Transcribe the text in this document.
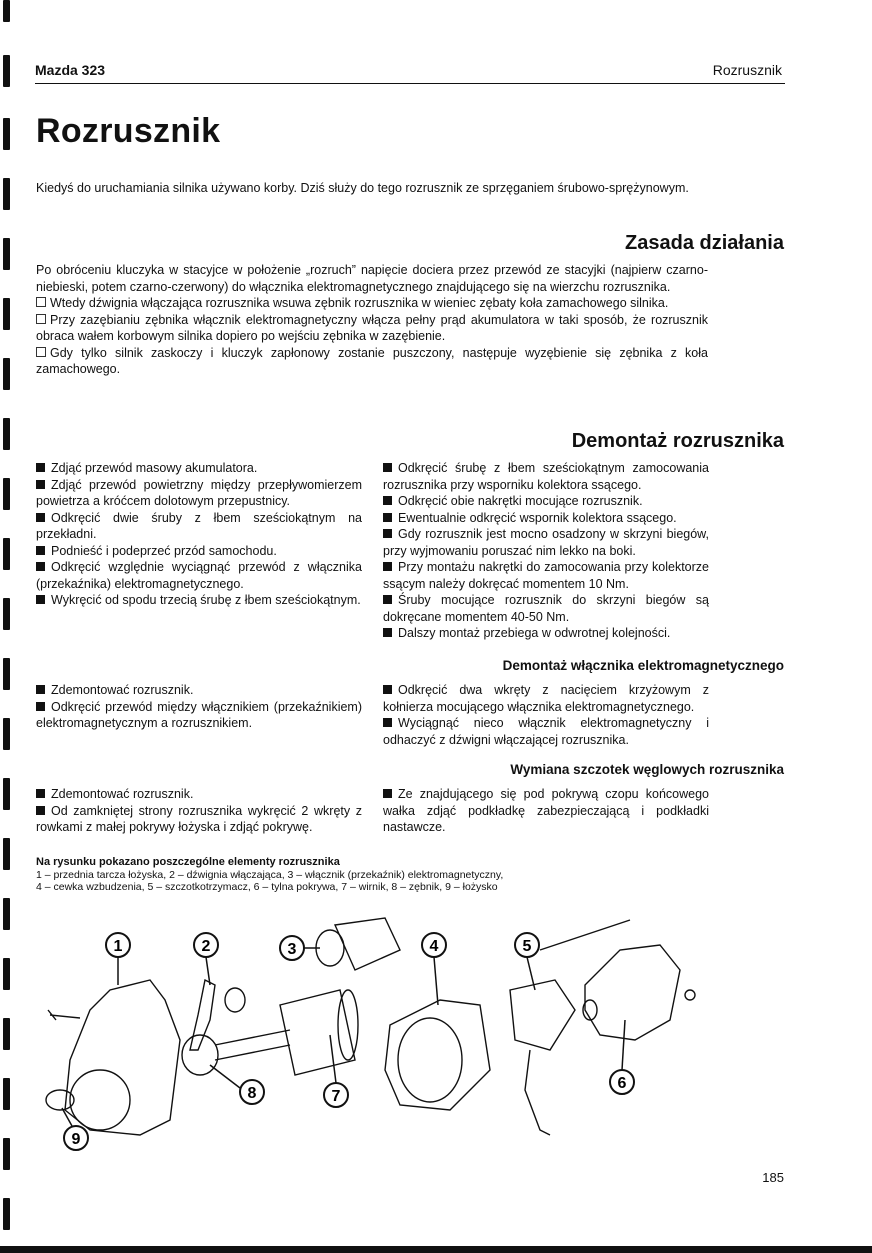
Mazda 323	Rozrusznik
Rozrusznik

Kiedyś do uruchamiania silnika używano korby. Dziś służy do tego rozrusznik ze sprzęganiem śrubowo-sprężynowym.

Zasada działania

Po obróceniu kluczyka w stacyjce w położenie „rozruch” napięcie dociera przez przewód ze stacyjki (najpierw czarno-niebieski, potem czarno-czerwony) do włącznika elektromagnetycznego znajdującego się na wierzchu rozrusznika.

Wtedy dźwignia włączająca rozrusznika wsuwa zębnik rozrusznika w wieniec zębaty koła zamachowego silnika.

Przy zazębianiu zębnika włącznik elektromagnetyczny włącza pełny prąd akumulatora w taki sposób, że rozrusznik obraca wałem korbowym silnika dopiero po wejściu zębnika w zazębienie.

Gdy tylko silnik zaskoczy i kluczyk zapłonowy zostanie puszczony, następuje wyzębienie się zębnika z koła zamachowego.

Demontaż rozrusznika

Zdjąć przewód masowy akumulatora.

Zdjąć przewód powietrzny między przepływomierzem powietrza a króćcem dolotowym przepustnicy.

Odkręcić dwie śruby z łbem sześciokątnym na przekładni.

Podnieść i podeprzeć przód samochodu.

Odkręcić względnie wyciągnąć przewód z włącznika (przekaźnika) elektromagnetycznego.

Wykręcić od spodu trzecią śrubę z łbem sześciokątnym.

Odkręcić śrubę z łbem sześciokątnym zamocowania rozrusznika przy wsporniku kolektora ssącego.

Odkręcić obie nakrętki mocujące rozrusznik.

Ewentualnie odkręcić wspornik kolektora ssącego.

Gdy rozrusznik jest mocno osadzony w skrzyni biegów, przy wyjmowaniu poruszać nim lekko na boki.

Przy montażu nakrętki do zamocowania przy kolektorze ssącym należy dokręcać momentem 10 Nm.

Śruby mocujące rozrusznik do skrzyni biegów są dokręcane momentem 40-50 Nm.

Dalszy montaż przebiega w odwrotnej kolejności.

Demontaż włącznika elektromagnetycznego

Zdemontować rozrusznik.

Odkręcić przewód między włącznikiem (przekaźnikiem) elektromagnetycznym a rozrusznikiem.

Odkręcić dwa wkręty z nacięciem krzyżowym z kołnierza mocującego włącznika elektromagnetycznego.

Wyciągnąć nieco włącznik elektromagnetyczny i odhaczyć z dźwigni włączającej rozrusznika.

Wymiana szczotek węglowych rozrusznika

Zdemontować rozrusznik.

Od zamkniętej strony rozrusznika wykręcić 2 wkręty z rowkami z małej pokrywy łożyska i zdjąć pokrywę.

Ze znajdującego się pod pokrywą czopu końcowego wałka zdjąć podkładkę zabezpieczającą i podkładki nastawcze.

Na rysunku pokazano poszczególne elementy rozrusznika
1 – przednia tarcza łożyska, 2 – dźwignia włączająca, 3 – włącznik (przekaźnik) elektromagnetyczny,
4 – cewka wzbudzenia, 5 – szczotkotrzymacz, 6 – tylna pokrywa, 7 – wirnik, 8 – zębnik, 9 – łożysko
1	2	3	4	5
6
7
8
9
185
